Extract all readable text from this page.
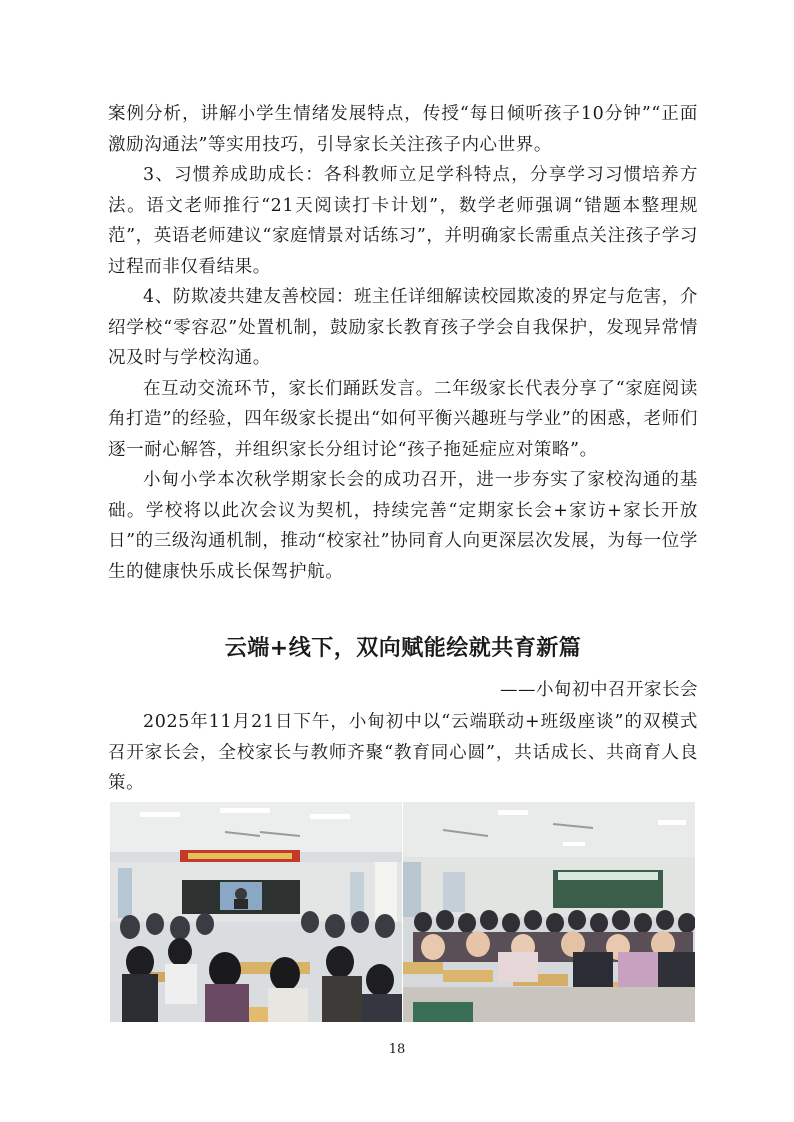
案例分析，讲解小学生情绪发展特点，传授“每日倾听孩子10分钟”“正面激励沟通法”等实用技巧，引导家长关注孩子内心世界。

3、习惯养成助成长：各科教师立足学科特点，分享学习习惯培养方法。语文老师推行“21天阅读打卡计划”，数学老师强调“错题本整理规范”，英语老师建议“家庭情景对话练习”，并明确家长需重点关注孩子学习过程而非仅看结果。

4、防欺凌共建友善校园：班主任详细解读校园欺凌的界定与危害，介绍学校“零容忍”处置机制，鼓励家长教育孩子学会自我保护，发现异常情况及时与学校沟通。

在互动交流环节，家长们踊跃发言。二年级家长代表分享了“家庭阅读角打造”的经验，四年级家长提出“如何平衡兴趣班与学业”的困惑，老师们逐一耐心解答，并组织家长分组讨论“孩子拖延症应对策略”。

小甸小学本次秋学期家长会的成功召开，进一步夯实了家校沟通的基础。学校将以此次会议为契机，持续完善“定期家长会+家访+家长开放日”的三级沟通机制，推动“校家社”协同育人向更深层次发展，为每一位学生的健康快乐成长保驾护航。

云端+线下，双向赋能绘就共育新篇

——小甸初中召开家长会

2025年11月21日下午，小甸初中以“云端联动+班级座谈”的双模式召开家长会，全校家长与教师齐聚“教育同心圆”，共话成长、共商育人良策。

18
